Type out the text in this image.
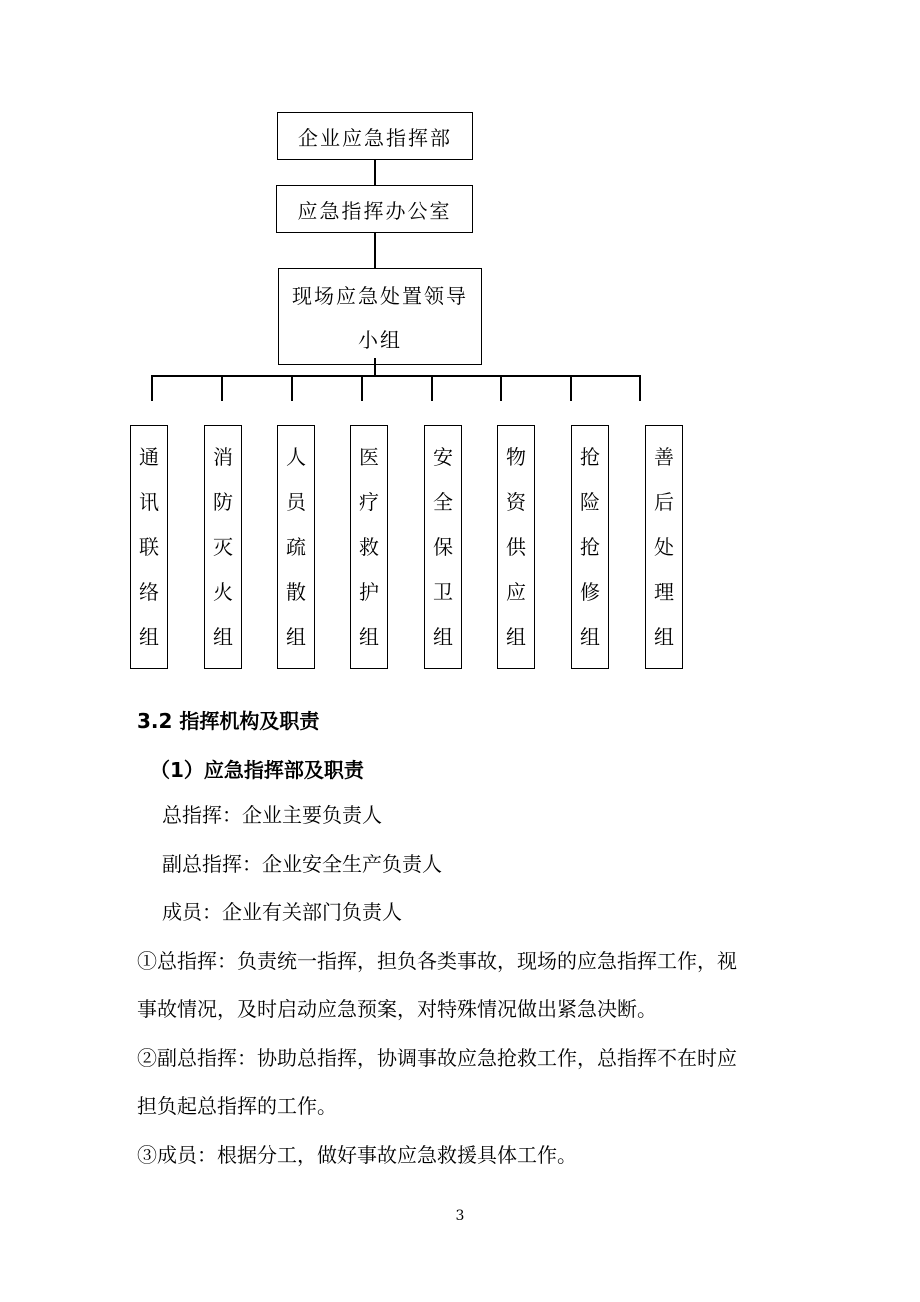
企业应急指挥部
应急指挥办公室
现场应急处置领导
小组
通
讯
联
络
组
消
防
灭
火
组
人
员
疏
散
组
医
疗
救
护
组
安
全
保
卫
组
物
资
供
应
组
抢
险
抢
修
组
善
后
处
理
组
3.2 指挥机构及职责
（1）应急指挥部及职责
总指挥：企业主要负责人
副总指挥：企业安全生产负责人
成员：企业有关部门负责人
①总指挥：负责统一指挥，担负各类事故，现场的应急指挥工作，视
事故情况，及时启动应急预案，对特殊情况做出紧急决断。
②副总指挥：协助总指挥，协调事故应急抢救工作，总指挥不在时应
担负起总指挥的工作。
③成员：根据分工，做好事故应急救援具体工作。
3
